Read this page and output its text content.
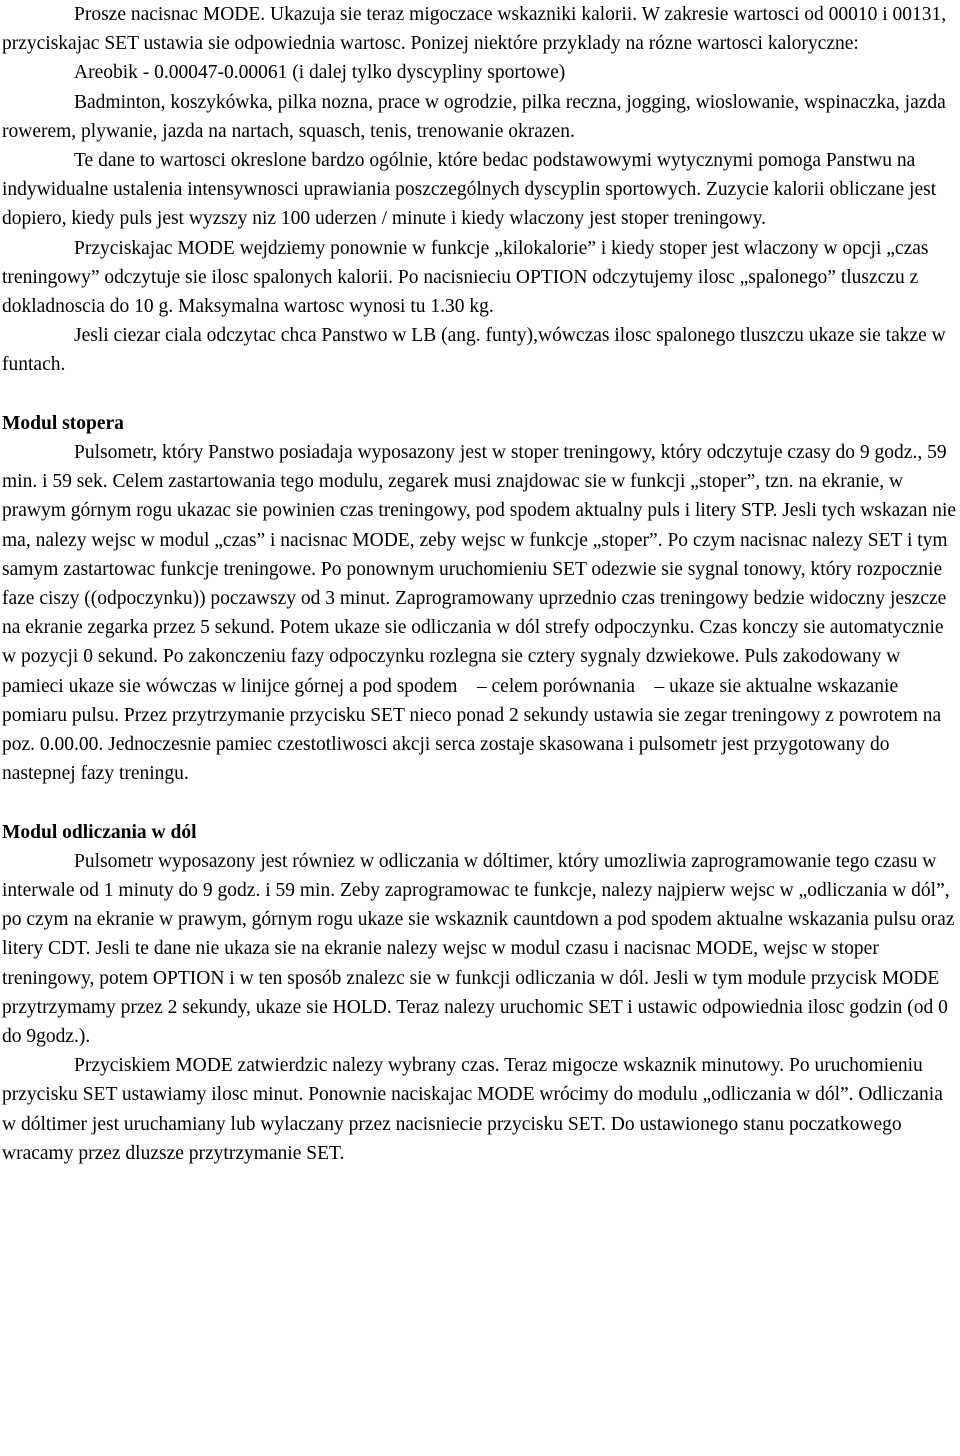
Prosze nacisnac MODE. Ukazuja sie teraz migoczace wskazniki kalorii. W zakresie wartosci od 00010 i 00131, przyciskajac SET ustawia sie odpowiednia wartosc. Ponizej niektóre przyklady na rózne wartosci kaloryczne:

Areobik - 0.00047-0.00061 (i dalej tylko dyscypliny sportowe)

Badminton, koszykówka, pilka nozna, prace w ogrodzie, pilka reczna, jogging, wioslowanie, wspinaczka, jazda rowerem, plywanie, jazda na nartach, squasch, tenis, trenowanie okrazen.

Te dane to wartosci okreslone bardzo ogólnie, które bedac podstawowymi wytycznymi pomoga Panstwu na indywidualne ustalenia intensywnosci uprawiania poszczególnych dyscyplin sportowych. Zuzycie kalorii obliczane jest dopiero, kiedy puls jest wyzszy niz 100 uderzen / minute i kiedy wlaczony jest stoper treningowy.

Przyciskajac MODE wejdziemy ponownie w funkcje „kilokalorie” i kiedy stoper jest wlaczony w opcji „czas treningowy” odczytuje sie ilosc spalonych kalorii. Po nacisnieciu OPTION odczytujemy ilosc „spalonego” tluszczu z dokladnoscia do 10 g. Maksymalna wartosc wynosi tu 1.30 kg.

Jesli ciezar ciala odczytac chca Panstwo w LB (ang. funty),wówczas ilosc spalonego tluszczu ukaze sie takze w funtach.

Modul stopera

Pulsometr, który Panstwo posiadaja wyposazony jest w stoper treningowy, który odczytuje czasy do 9 godz., 59 min. i 59 sek. Celem zastartowania tego modulu, zegarek musi znajdowac sie w funkcji „stoper”, tzn. na ekranie, w prawym górnym rogu ukazac sie powinien czas treningowy, pod spodem aktualny puls i litery STP. Jesli tych wskazan nie ma, nalezy wejsc w modul „czas” i nacisnac MODE, zeby wejsc w funkcje „stoper”. Po czym nacisnac nalezy SET i tym samym zastartowac funkcje treningowe. Po ponownym uruchomieniu SET odezwie sie sygnal tonowy, który rozpocznie faze ciszy ((odpoczynku)) poczawszy od 3 minut. Zaprogramowany uprzednio czas treningowy bedzie widoczny jeszcze na ekranie zegarka przez 5 sekund. Potem ukaze sie odliczania w dól strefy odpoczynku. Czas konczy sie automatycznie w pozycji 0 sekund. Po zakonczeniu fazy odpoczynku rozlegna sie cztery sygnaly dzwiekowe. Puls zakodowany w pamieci ukaze sie wówczas w linijce górnej a pod spodem    – celem porównania    – ukaze sie aktualne wskazanie pomiaru pulsu. Przez przytrzymanie przycisku SET nieco ponad 2 sekundy ustawia sie zegar treningowy z powrotem na poz. 0.00.00. Jednoczesnie pamiec czestotliwosci akcji serca zostaje skasowana i pulsometr jest przygotowany do nastepnej fazy treningu.

Modul odliczania w dól

Pulsometr wyposazony jest równiez w odliczania w dóltimer, który umozliwia zaprogramowanie tego czasu w interwale od 1 minuty do 9 godz. i 59 min. Zeby zaprogramowac te funkcje, nalezy najpierw wejsc w „odliczania w dól”, po czym na ekranie w prawym, górnym rogu ukaze sie wskaznik cauntdown a pod spodem aktualne wskazania pulsu oraz litery CDT. Jesli te dane nie ukaza sie na ekranie nalezy wejsc w modul czasu i nacisnac MODE, wejsc w stoper treningowy, potem OPTION i w ten sposób znalezc sie w funkcji odliczania w dól. Jesli w tym module przycisk MODE przytrzymamy przez 2 sekundy, ukaze sie HOLD. Teraz nalezy uruchomic SET i ustawic odpowiednia ilosc godzin (od 0 do 9godz.).

Przyciskiem MODE zatwierdzic nalezy wybrany czas. Teraz migocze wskaznik minutowy. Po uruchomieniu przycisku SET ustawiamy ilosc minut. Ponownie naciskajac MODE wrócimy do modulu „odliczania w dól”. Odliczania w dóltimer jest uruchamiany lub wylaczany przez nacisniecie przycisku SET. Do ustawionego stanu poczatkowego wracamy przez dluzsze przytrzymanie SET.
